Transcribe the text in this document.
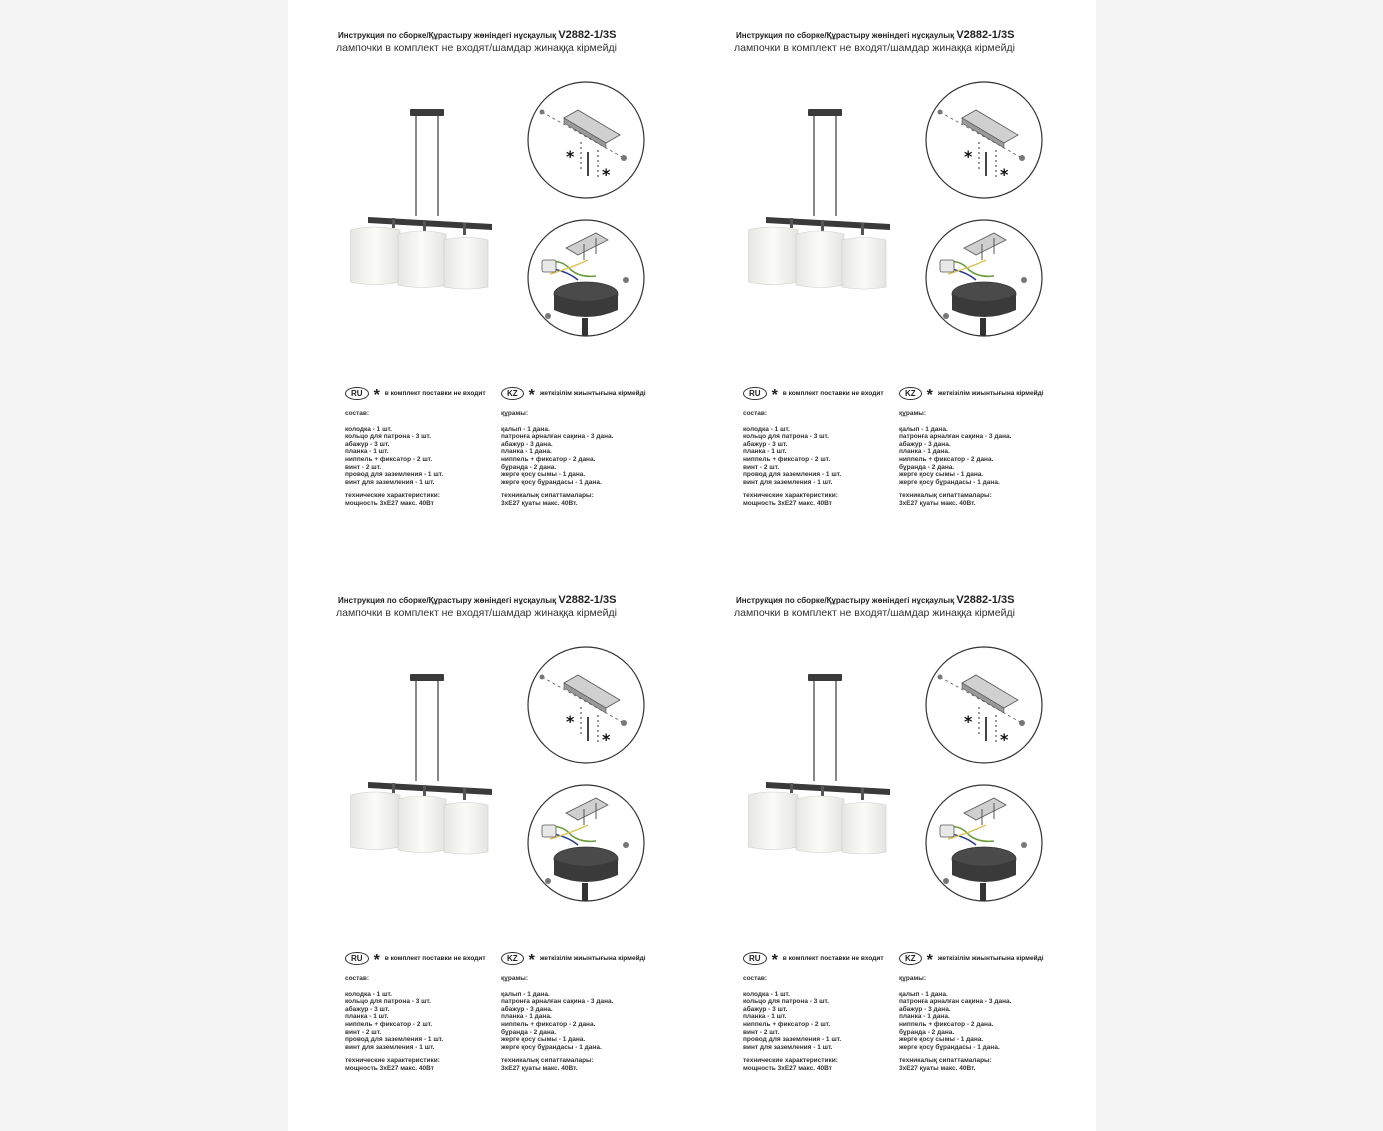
Инструкция по сборке/Құрастыру жөніндегі нұсқаулық V2882-1/3S
лампочки в комплект не входят/шамдар жинаққа кірмейді
*
*
RU * в комплект поставки не входит	KZ * жеткізілім жиынтығына кірмейді
состав:
колодка - 1 шт.
кольцо для патрона - 3 шт.
абажур - 3 шт.
планка - 1 шт.
ниппель + фиксатор - 2 шт.
винт - 2 шт.
провод для заземления - 1 шт.
винт для заземления - 1 шт.
технические характеристики:
мощность 3хЕ27 макс. 40Вт
құрамы:
қалып - 1 дана.
патронға арналған сақина - 3 дана.
абажур - 3 дана.
планка - 1 дана.
ниппель + фиксатор - 2 дана.
бұранда - 2 дана.
жерге қосу сымы - 1 дана.
жерге қосу бұрандасы - 1 дана.
техникалық сипаттамалары:
3хЕ27 қуаты макс. 40Вт.
Инструкция по сборке/Құрастыру жөніндегі нұсқаулық V2882-1/3S
лампочки в комплект не входят/шамдар жинаққа кірмейді
*
*
RU * в комплект поставки не входит	KZ * жеткізілім жиынтығына кірмейді
состав:
колодка - 1 шт.
кольцо для патрона - 3 шт.
абажур - 3 шт.
планка - 1 шт.
ниппель + фиксатор - 2 шт.
винт - 2 шт.
провод для заземления - 1 шт.
винт для заземления - 1 шт.
технические характеристики:
мощность 3хЕ27 макс. 40Вт
құрамы:
қалып - 1 дана.
патронға арналған сақина - 3 дана.
абажур - 3 дана.
планка - 1 дана.
ниппель + фиксатор - 2 дана.
бұранда - 2 дана.
жерге қосу сымы - 1 дана.
жерге қосу бұрандасы - 1 дана.
техникалық сипаттамалары:
3хЕ27 қуаты макс. 40Вт.
Инструкция по сборке/Құрастыру жөніндегі нұсқаулық V2882-1/3S
лампочки в комплект не входят/шамдар жинаққа кірмейді
*
*
RU * в комплект поставки не входит	KZ * жеткізілім жиынтығына кірмейді
состав:
колодка - 1 шт.
кольцо для патрона - 3 шт.
абажур - 3 шт.
планка - 1 шт.
ниппель + фиксатор - 2 шт.
винт - 2 шт.
провод для заземления - 1 шт.
винт для заземления - 1 шт.
технические характеристики:
мощность 3хЕ27 макс. 40Вт
құрамы:
қалып - 1 дана.
патронға арналған сақина - 3 дана.
абажур - 3 дана.
планка - 1 дана.
ниппель + фиксатор - 2 дана.
бұранда - 2 дана.
жерге қосу сымы - 1 дана.
жерге қосу бұрандасы - 1 дана.
техникалық сипаттамалары:
3хЕ27 қуаты макс. 40Вт.
Инструкция по сборке/Құрастыру жөніндегі нұсқаулық V2882-1/3S
лампочки в комплект не входят/шамдар жинаққа кірмейді
*
*
RU * в комплект поставки не входит	KZ * жеткізілім жиынтығына кірмейді
состав:
колодка - 1 шт.
кольцо для патрона - 3 шт.
абажур - 3 шт.
планка - 1 шт.
ниппель + фиксатор - 2 шт.
винт - 2 шт.
провод для заземления - 1 шт.
винт для заземления - 1 шт.
технические характеристики:
мощность 3хЕ27 макс. 40Вт
құрамы:
қалып - 1 дана.
патронға арналған сақина - 3 дана.
абажур - 3 дана.
планка - 1 дана.
ниппель + фиксатор - 2 дана.
бұранда - 2 дана.
жерге қосу сымы - 1 дана.
жерге қосу бұрандасы - 1 дана.
техникалық сипаттамалары:
3хЕ27 қуаты макс. 40Вт.
